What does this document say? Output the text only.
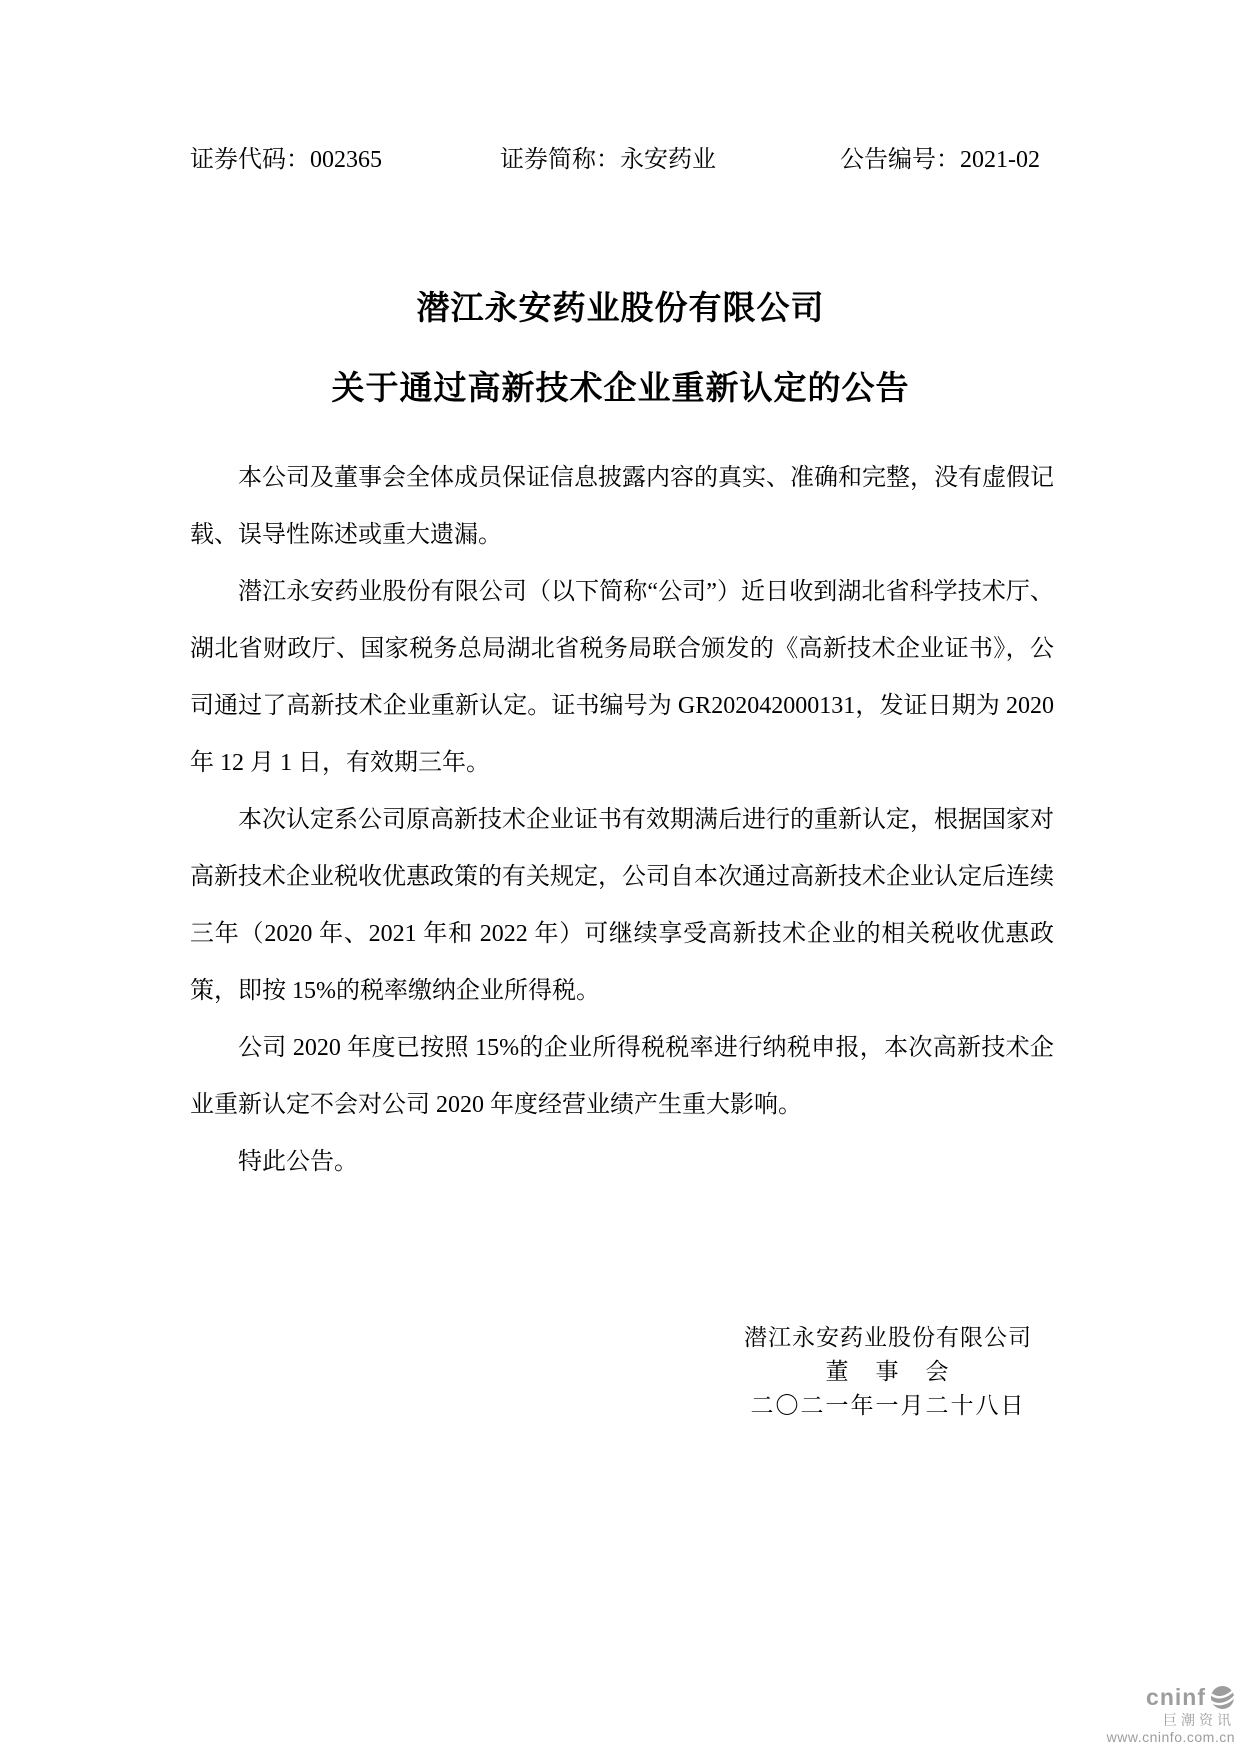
证券代码：002365	证券简称：永安药业	公告编号：2021-02
潜江永安药业股份有限公司
关于通过高新技术企业重新认定的公告

本公司及董事会全体成员保证信息披露内容的真实、准确和完整，没有虚假记载、误导性陈述或重大遗漏。

潜江永安药业股份有限公司（以下简称“公司”）近日收到湖北省科学技术厅、湖北省财政厅、国家税务总局湖北省税务局联合颁发的《高新技术企业证书》，公司通过了高新技术企业重新认定。证书编号为 GR202042000131，发证日期为 2020 年 12 月 1 日，有效期三年。

本次认定系公司原高新技术企业证书有效期满后进行的重新认定，根据国家对高新技术企业税收优惠政策的有关规定，公司自本次通过高新技术企业认定后连续三年（2020 年、2021 年和 2022 年）可继续享受高新技术企业的相关税收优惠政策，即按 15%的税率缴纳企业所得税。

公司 2020 年度已按照 15%的企业所得税税率进行纳税申报，本次高新技术企业重新认定不会对公司 2020 年度经营业绩产生重大影响。

特此公告。

潜江永安药业股份有限公司
董　事　会
二〇二一年一月二十八日
cninf
巨潮资讯
www.cninfo.com.cn
